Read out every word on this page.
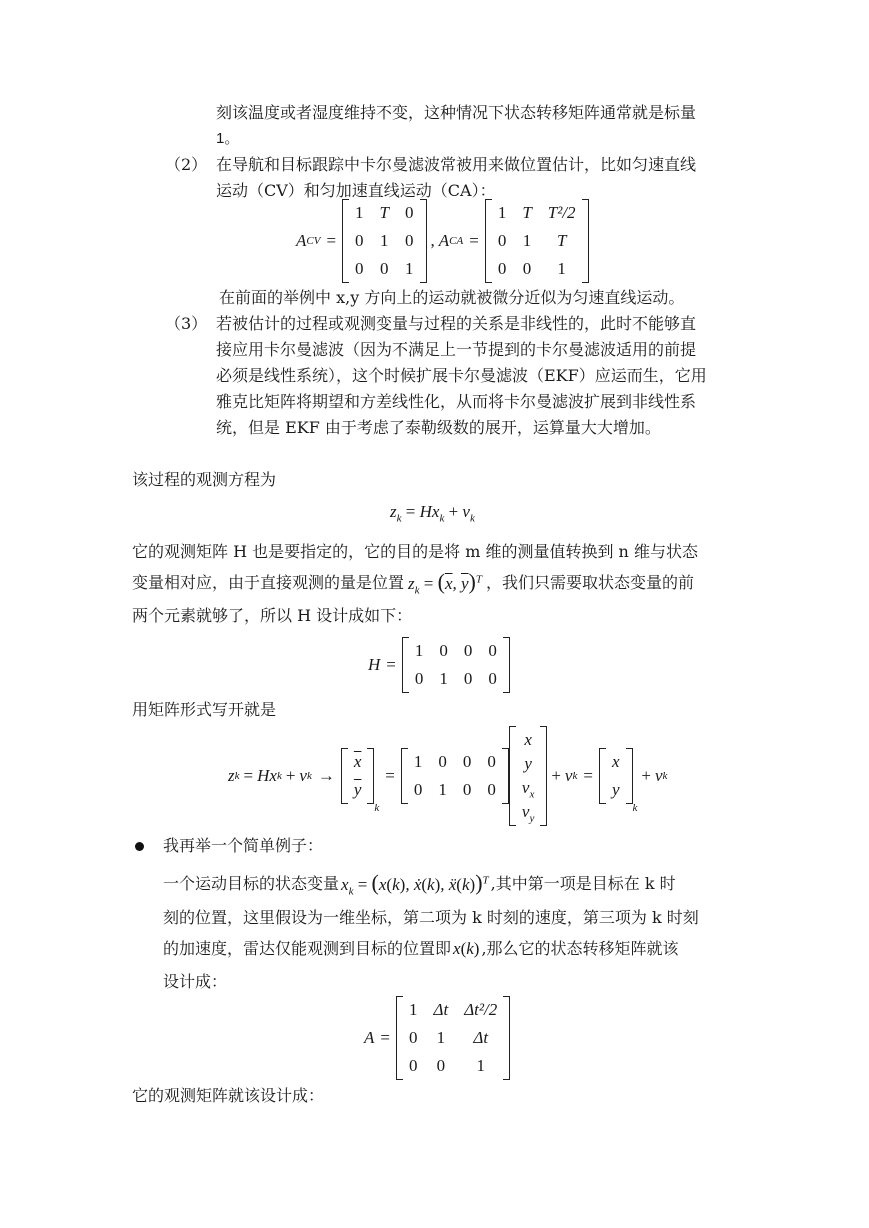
刻该温度或者湿度维持不变，这种情况下状态转移矩阵通常就是标量
1。
（2） 在导航和目标跟踪中卡尔曼滤波常被用来做位置估计，比如匀速直线
运动（CV）和匀加速直线运动（CA）：
A CV =
1 T 0
0 1 0
0 0 1
, A CA =
1 T T²/2
0 1	T
0 0	1
在前面的举例中 x,y 方向上的运动就被微分近似为匀速直线运动。
（3） 若被估计的过程或观测变量与过程的关系是非线性的，此时不能够直
接应用卡尔曼滤波（因为不满足上一节提到的卡尔曼滤波适用的前提
必须是线性系统），这个时候扩展卡尔曼滤波（EKF）应运而生，它用
雅克比矩阵将期望和方差线性化，从而将卡尔曼滤波扩展到非线性系
统，但是 EKF 由于考虑了泰勒级数的展开，运算量大大增加。
该过程的观测方程为
$z_k = Hx_k + v_k$
它的观测矩阵 H 也是要指定的，它的目的是将 m 维的测量值转换到 n 维与状态
变量相对应，由于直接观测的量是位置 $z_k = (\overline{x}$, $\overline{y})^T$ ，我们只需要取状态变量的前
两个元素就够了，所以 H 设计成如下：
H =
1 0 0 0
0 1 0 0
用矩阵形式写开就是
z k = Hx k + v k →
$\overline{x}$
$\overline{y}$
k
=
1 0 0 0
0 1 0 0
x
y
$v_x$
$v_y$
+ v k =
x
y
k
+ v k
我再举一个简单例子：
一个运动目标的状态变量 $x_k = (x(k)$, ẋ(k), ẍ(k))$^T$ ,其中第一项是目标在 k 时
刻的位置，这里假设为一维坐标，第二项为 k 时刻的速度，第三项为 k 时刻
的加速度，雷达仅能观测到目标的位置即 x(k) ,那么它的状态转移矩阵就该
设计成：
A =
1 Δt Δt²/2
0 1	Δt
0 0	1
它的观测矩阵就该设计成：
